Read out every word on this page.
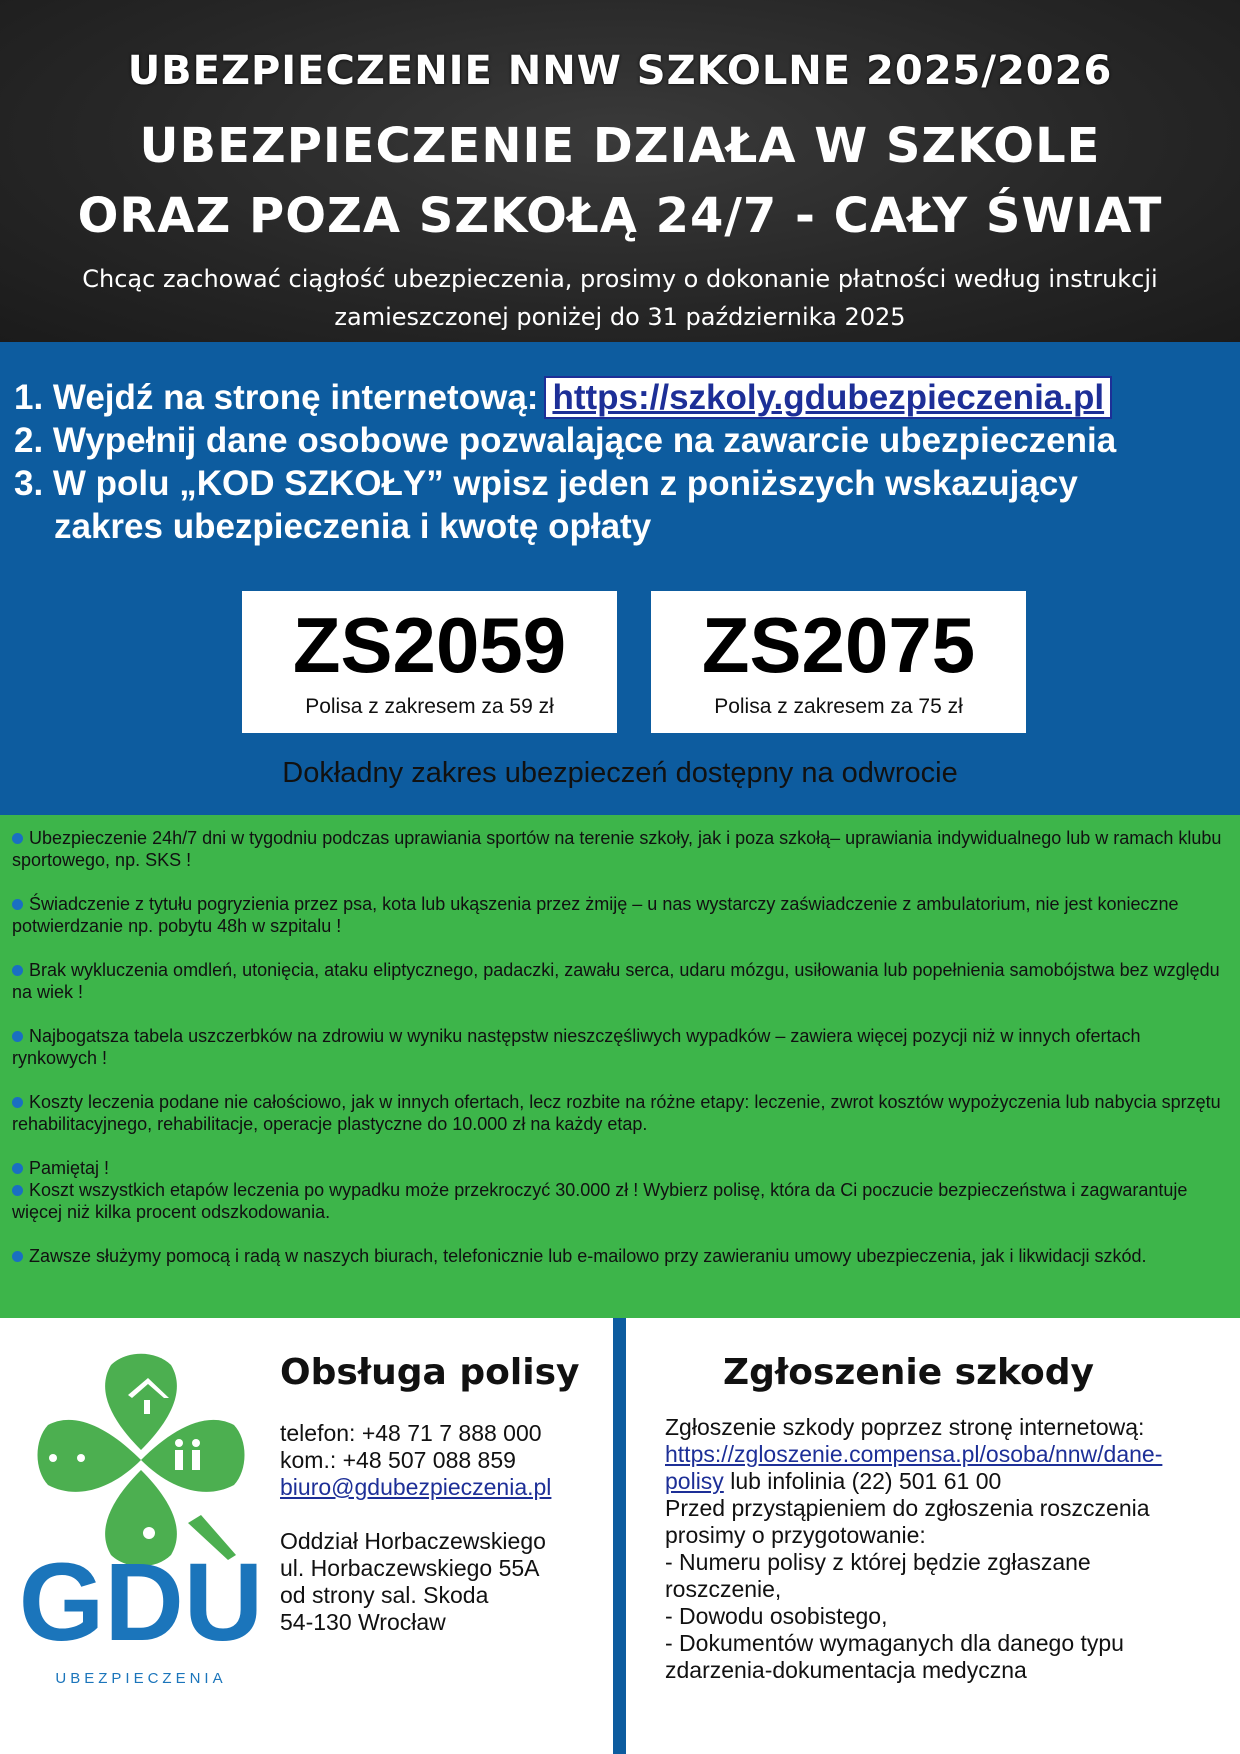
UBEZPIECZENIE NNW SZKOLNE 2025/2026
UBEZPIECZENIE DZIAŁA W SZKOLE
ORAZ POZA SZKOŁĄ 24/7 - CAŁY ŚWIAT
Chcąc zachować ciągłość ubezpieczenia, prosimy o dokonanie płatności według instrukcji zamieszczonej poniżej do 31 października 2025
1. Wejdź na stronę internetową: https://szkoly.gdubezpieczenia.pl
2. Wypełnij dane osobowe pozwalające na zawarcie ubezpieczenia
3. W polu „KOD SZKOŁY” wpisz jeden z poniższych wskazujący
zakres ubezpieczenia i kwotę opłaty
ZS2059
Polisa z zakresem za 59 zł
ZS2075
Polisa z zakresem za 75 zł
Dokładny zakres ubezpieczeń dostępny na odwrocie

Ubezpieczenie 24h/7 dni w tygodniu podczas uprawiania sportów na terenie szkoły, jak i poza szkołą– uprawiania indywidualnego lub w ramach klubu sportowego, np. SKS !

Świadczenie z tytułu pogryzienia przez psa, kota lub ukąszenia przez żmiję – u nas wystarczy zaświadczenie z ambulatorium, nie jest konieczne potwierdzanie np. pobytu 48h w szpitalu !

Brak wykluczenia omdleń, utonięcia, ataku eliptycznego, padaczki, zawału serca, udaru mózgu, usiłowania lub popełnienia samobójstwa bez względu na wiek !

Najbogatsza tabela uszczerbków na zdrowiu w wyniku następstw nieszczęśliwych wypadków – zawiera więcej pozycji niż w innych ofertach rynkowych !

Koszty leczenia podane nie całościowo, jak w innych ofertach, lecz rozbite na różne etapy: leczenie, zwrot kosztów wypożyczenia lub nabycia sprzętu rehabilitacyjnego, rehabilitacje, operacje plastyczne do 10.000 zł na każdy etap.

Pamiętaj !

Koszt wszystkich etapów leczenia po wypadku może przekroczyć 30.000 zł ! Wybierz polisę, która da Ci poczucie bezpieczeństwa i zagwarantuje więcej niż kilka procent odszkodowania.

Zawsze służymy pomocą i radą w naszych biurach, telefonicznie lub e-mailowo przy zawieraniu umowy ubezpieczenia, jak i likwidacji szkód.

GDU
UBEZPIECZENIA
Obsługa polisy
telefon: +48 71 7 888 000
kom.: +48 507 088 859
biuro@gdubezpieczenia.pl
Oddział Horbaczewskiego
ul. Horbaczewskiego 55A
od strony sal. Skoda
54-130 Wrocław
Zgłoszenie szkody
Zgłoszenie szkody poprzez stronę internetową:
https://zgloszenie.compensa.pl/osoba/nnw/dane-polisy lub infolinia (22) 501 61 00
Przed przystąpieniem do zgłoszenia roszczenia prosimy o przygotowanie:
- Numeru polisy z której będzie zgłaszane roszczenie,
- Dowodu osobistego,
- Dokumentów wymaganych dla danego typu zdarzenia-dokumentacja medyczna
